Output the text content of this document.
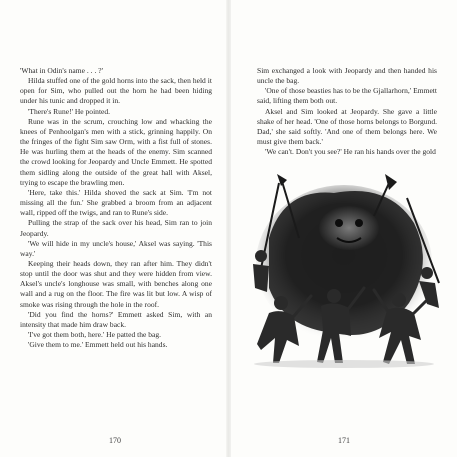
'What in Odin's name . . . ?'

Hilda stuffed one of the gold horns into the sack, then held it open for Sim, who pulled out the horn he had been hiding under his tunic and dropped it in.

'There's Rune!' He pointed.

Rune was in the scrum, crouching low and whacking the knees of Penhoolgan's men with a stick, grinning happily. On the fringes of the fight Sim saw Orm, with a fist full of stones. He was hurling them at the heads of the enemy. Sim scanned the crowd looking for Jeopardy and Uncle Emmett. He spotted them sidling along the outside of the great hall with Aksel, trying to escape the brawling men.

'Here, take this.' Hilda shoved the sack at Sim. 'I'm not missing all the fun.' She grabbed a broom from an adjacent wall, ripped off the twigs, and ran to Rune's side.

Pulling the strap of the sack over his head, Sim ran to join Jeopardy.

'We will hide in my uncle's house,' Aksel was saying. 'This way.'

Keeping their heads down, they ran after him. They didn't stop until the door was shut and they were hidden from view. Aksel's uncle's longhouse was small, with benches along one wall and a rug on the floor. The fire was lit but low. A wisp of smoke was rising through the hole in the roof.

'Did you find the horns?' Emmett asked Sim, with an intensity that made him draw back.

'I've got them both, here.' He patted the bag.

'Give them to me.' Emmett held out his hands.

170

Sim exchanged a look with Jeopardy and then handed his uncle the bag.

'One of those beasties has to be the Gjallarhorn,' Emmett said, lifting them both out.

Aksel and Sim looked at Jeopardy. She gave a little shake of her head. 'One of those horns belongs to Borgund. Dad,' she said softly. 'And one of them belongs here. We must give them back.'

'We can't. Don't you see?' He ran his hands over the gold

171
